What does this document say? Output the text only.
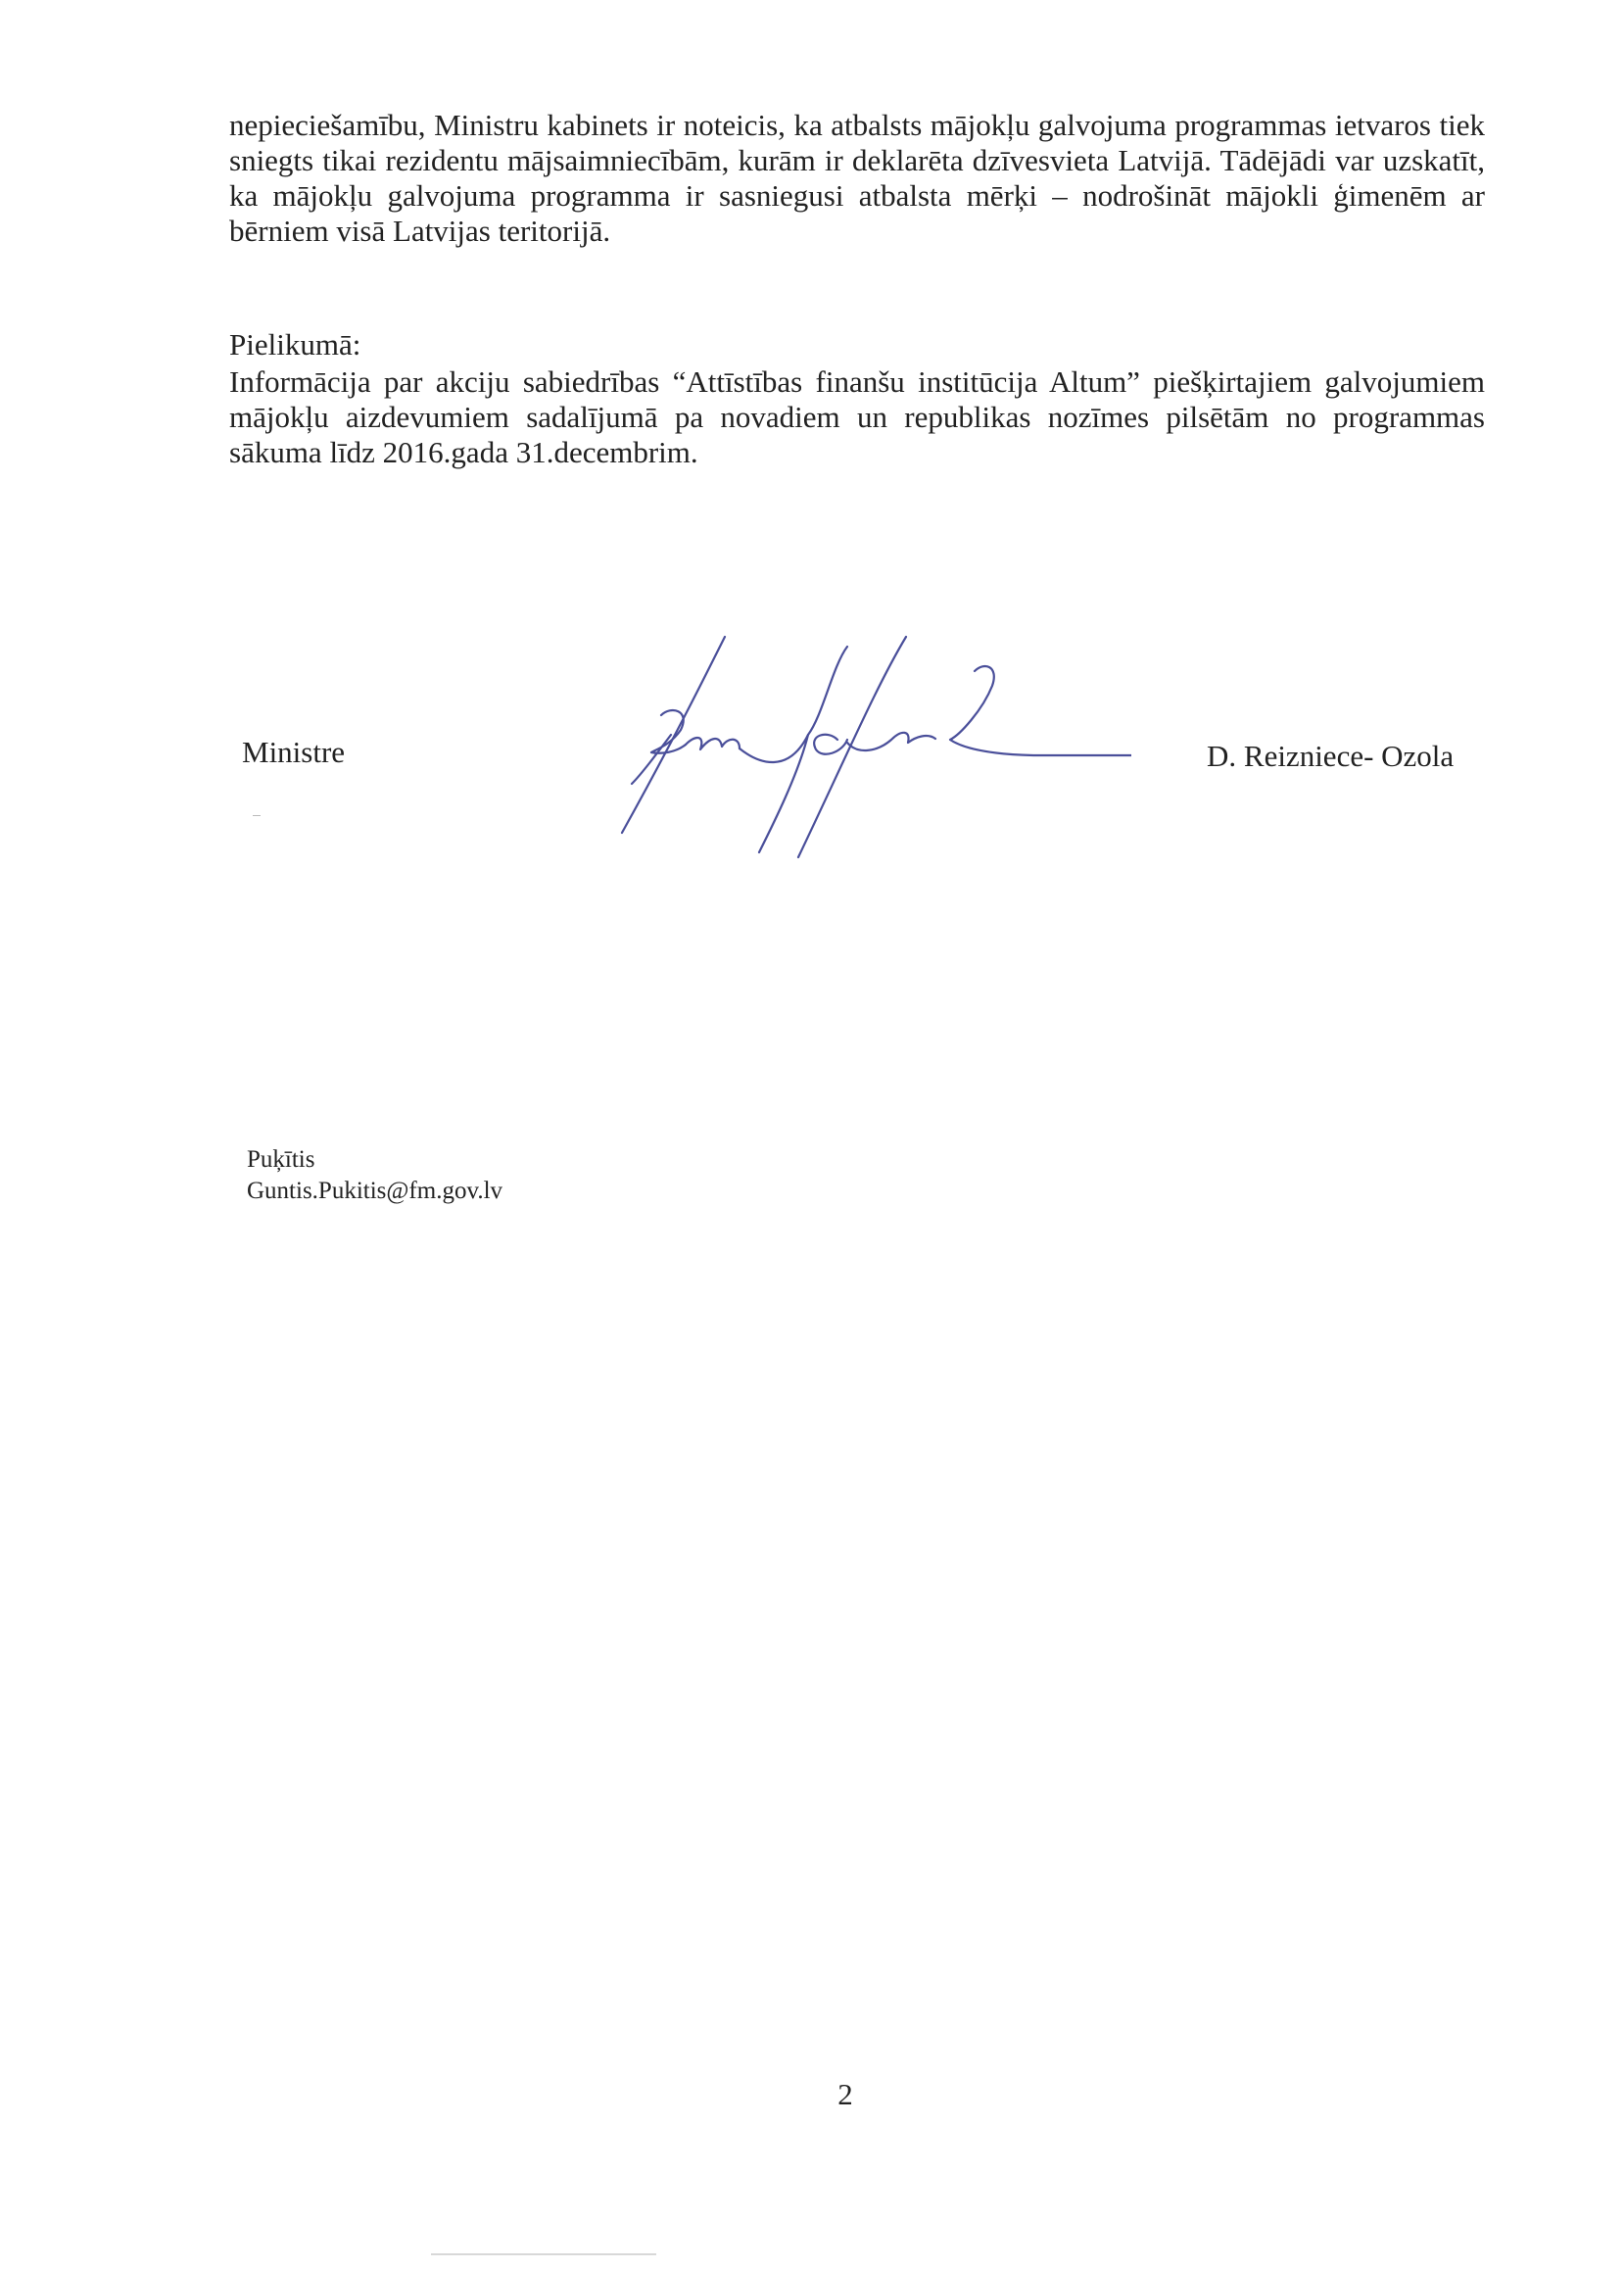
nepieciešamību, Ministru kabinets ir noteicis, ka atbalsts mājokļu galvojuma programmas ietvaros tiek sniegts tikai rezidentu mājsaimniecībām, kurām ir deklarēta dzīvesvieta Latvijā. Tādējādi var uzskatīt, ka mājokļu galvojuma programma ir sasniegusi atbalsta mērķi – nodrošināt mājokli ģimenēm ar bērniem visā Latvijas teritorijā.

Pielikumā:

Informācija par akciju sabiedrības “Attīstības finanšu institūcija Altum” piešķirtajiem galvojumiem mājokļu aizdevumiem sadalījumā pa novadiem un republikas nozīmes pilsētām no programmas sākuma līdz 2016.gada 31.decembrim.

Ministre	D. Reizniece- Ozola
Puķītis
Guntis.Pukitis@fm.gov.lv
2
